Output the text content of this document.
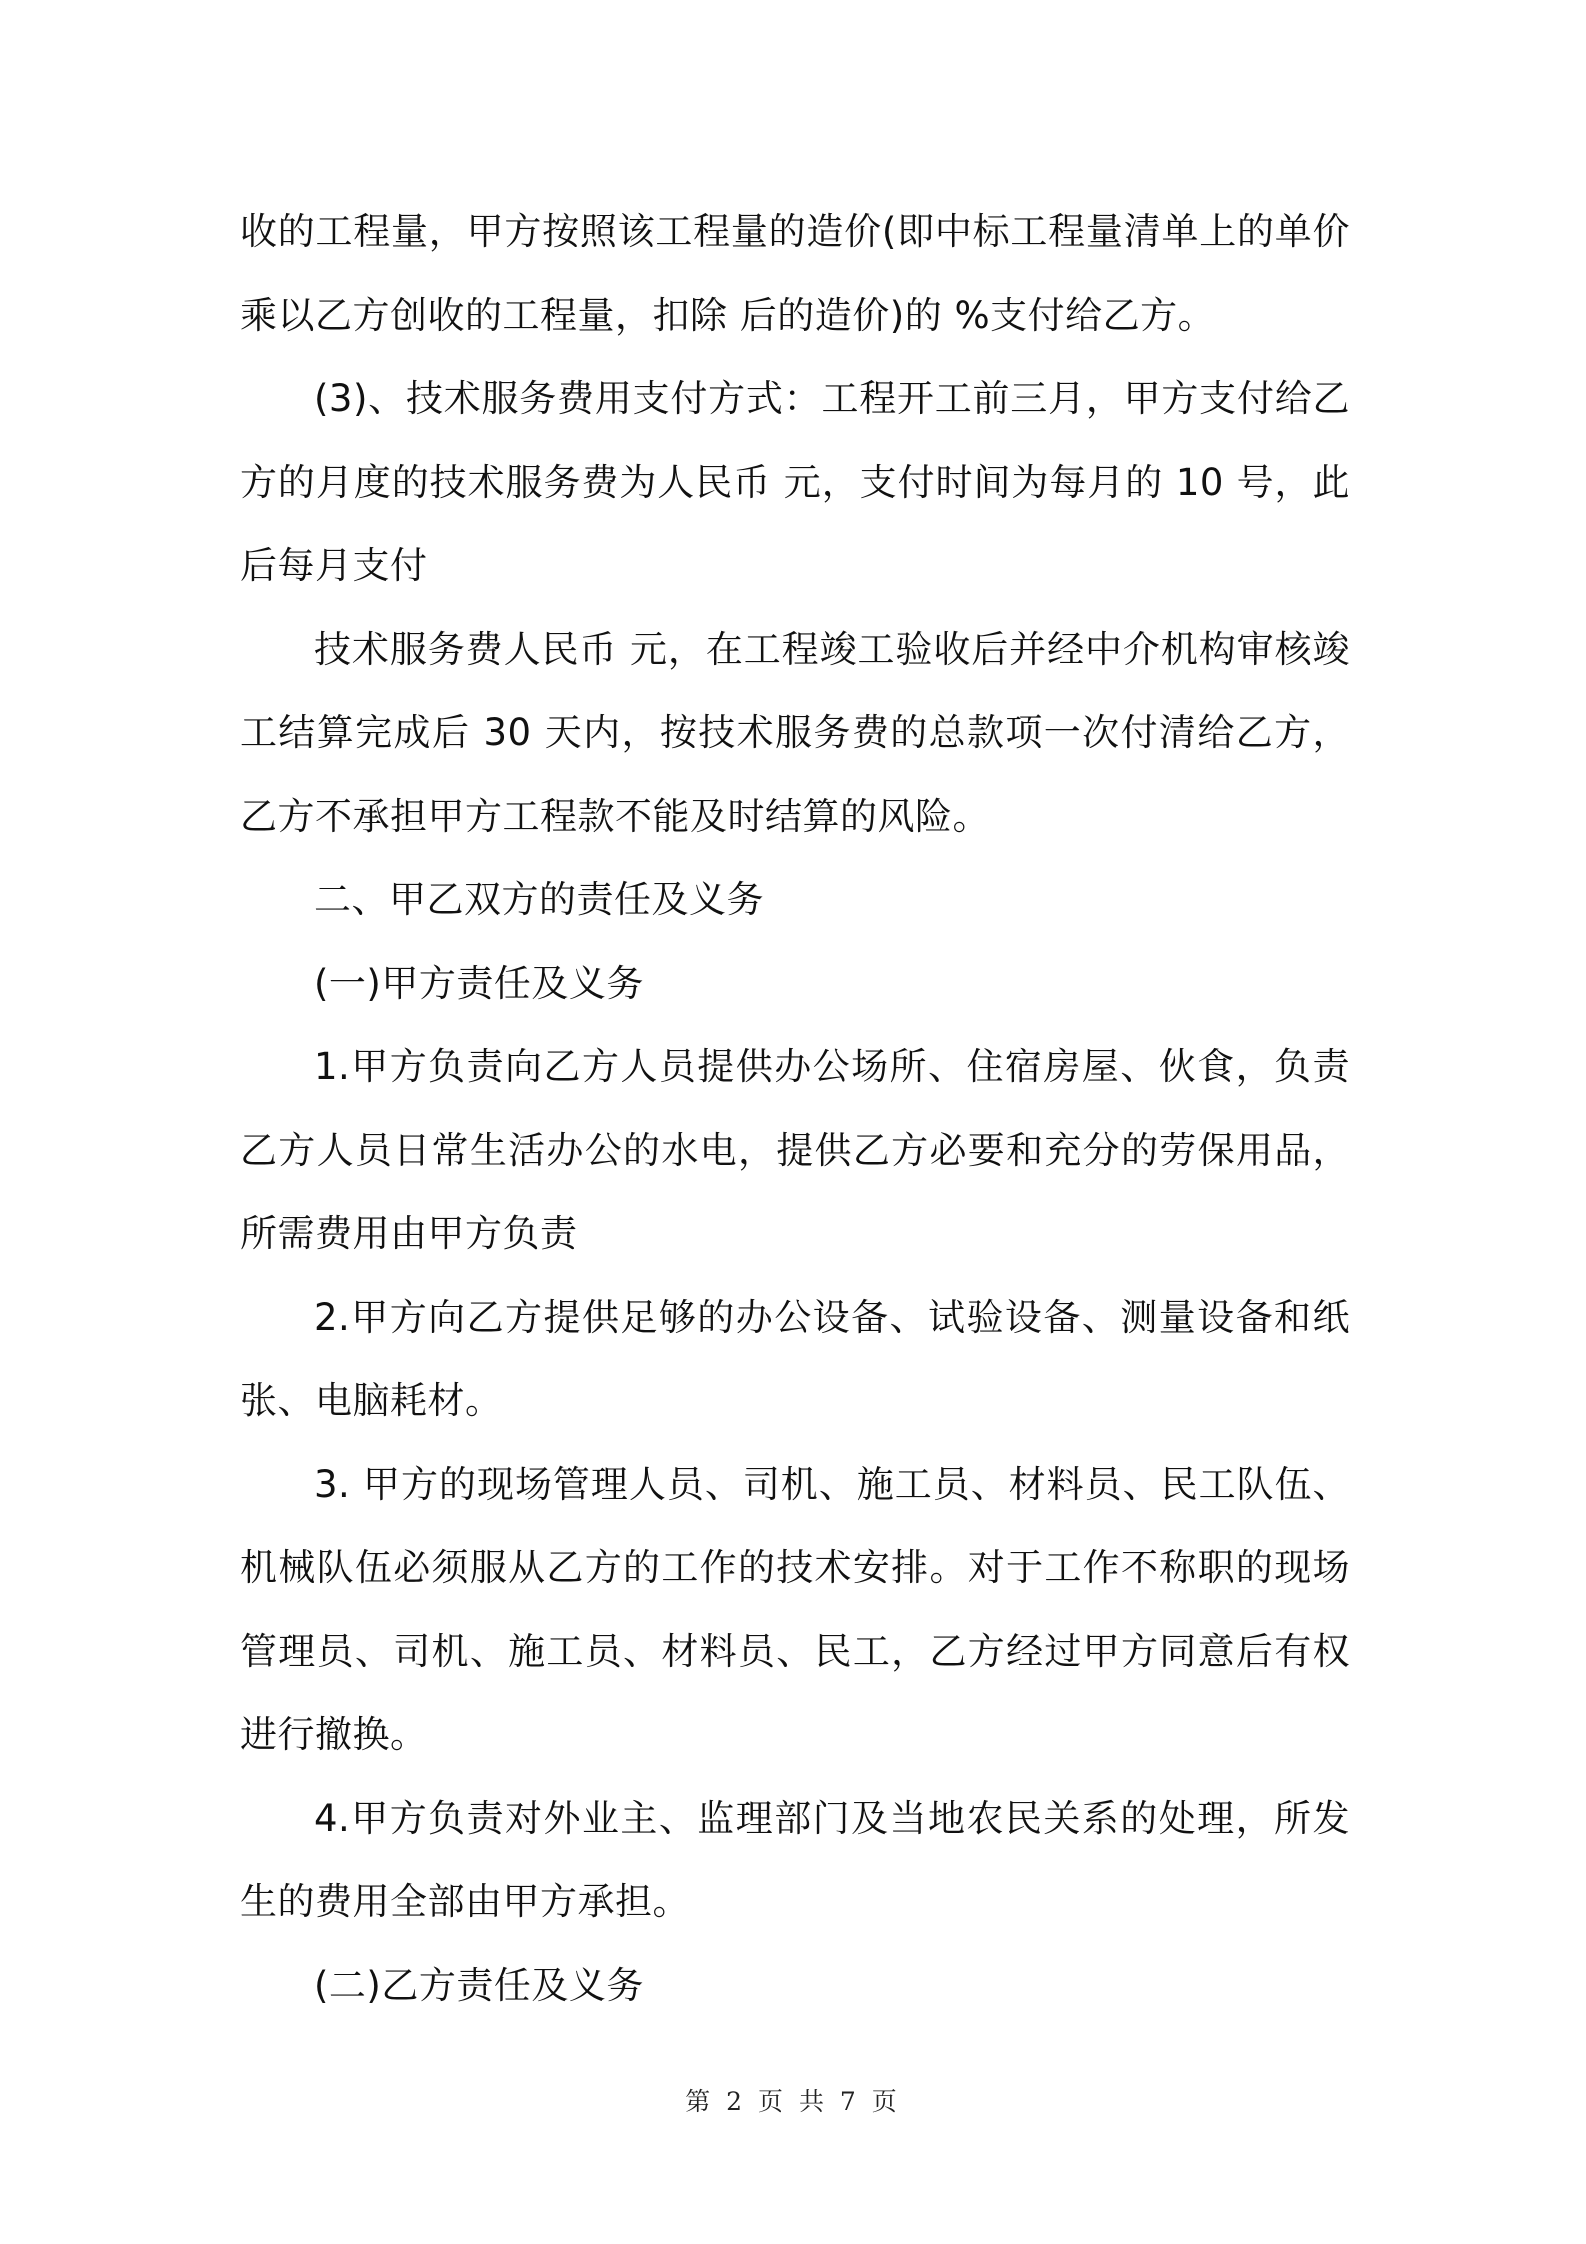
收的工程量，甲方按照该工程量的造价(即中标工程量清单上的单价乘以乙方创收的工程量，扣除 后的造价)的 %支付给乙方。

(3)、技术服务费用支付方式：工程开工前三月，甲方支付给乙方的月度的技术服务费为人民币 元，支付时间为每月的 10 号，此后每月支付

技术服务费人民币 元，在工程竣工验收后并经中介机构审核竣工结算完成后 30 天内，按技术服务费的总款项一次付清给乙方，乙方不承担甲方工程款不能及时结算的风险。

二、甲乙双方的责任及义务

(一)甲方责任及义务

1.甲方负责向乙方人员提供办公场所、住宿房屋、伙食，负责乙方人员日常生活办公的水电，提供乙方必要和充分的劳保用品，所需费用由甲方负责

2.甲方向乙方提供足够的办公设备、试验设备、测量设备和纸张、电脑耗材。

3. 甲方的现场管理人员、司机、施工员、材料员、民工队伍、机械队伍必须服从乙方的工作的技术安排。对于工作不称职的现场管理员、司机、施工员、材料员、民工，乙方经过甲方同意后有权进行撤换。

4.甲方负责对外业主、监理部门及当地农民关系的处理，所发生的费用全部由甲方承担。

(二)乙方责任及义务

第 2 页 共 7 页
